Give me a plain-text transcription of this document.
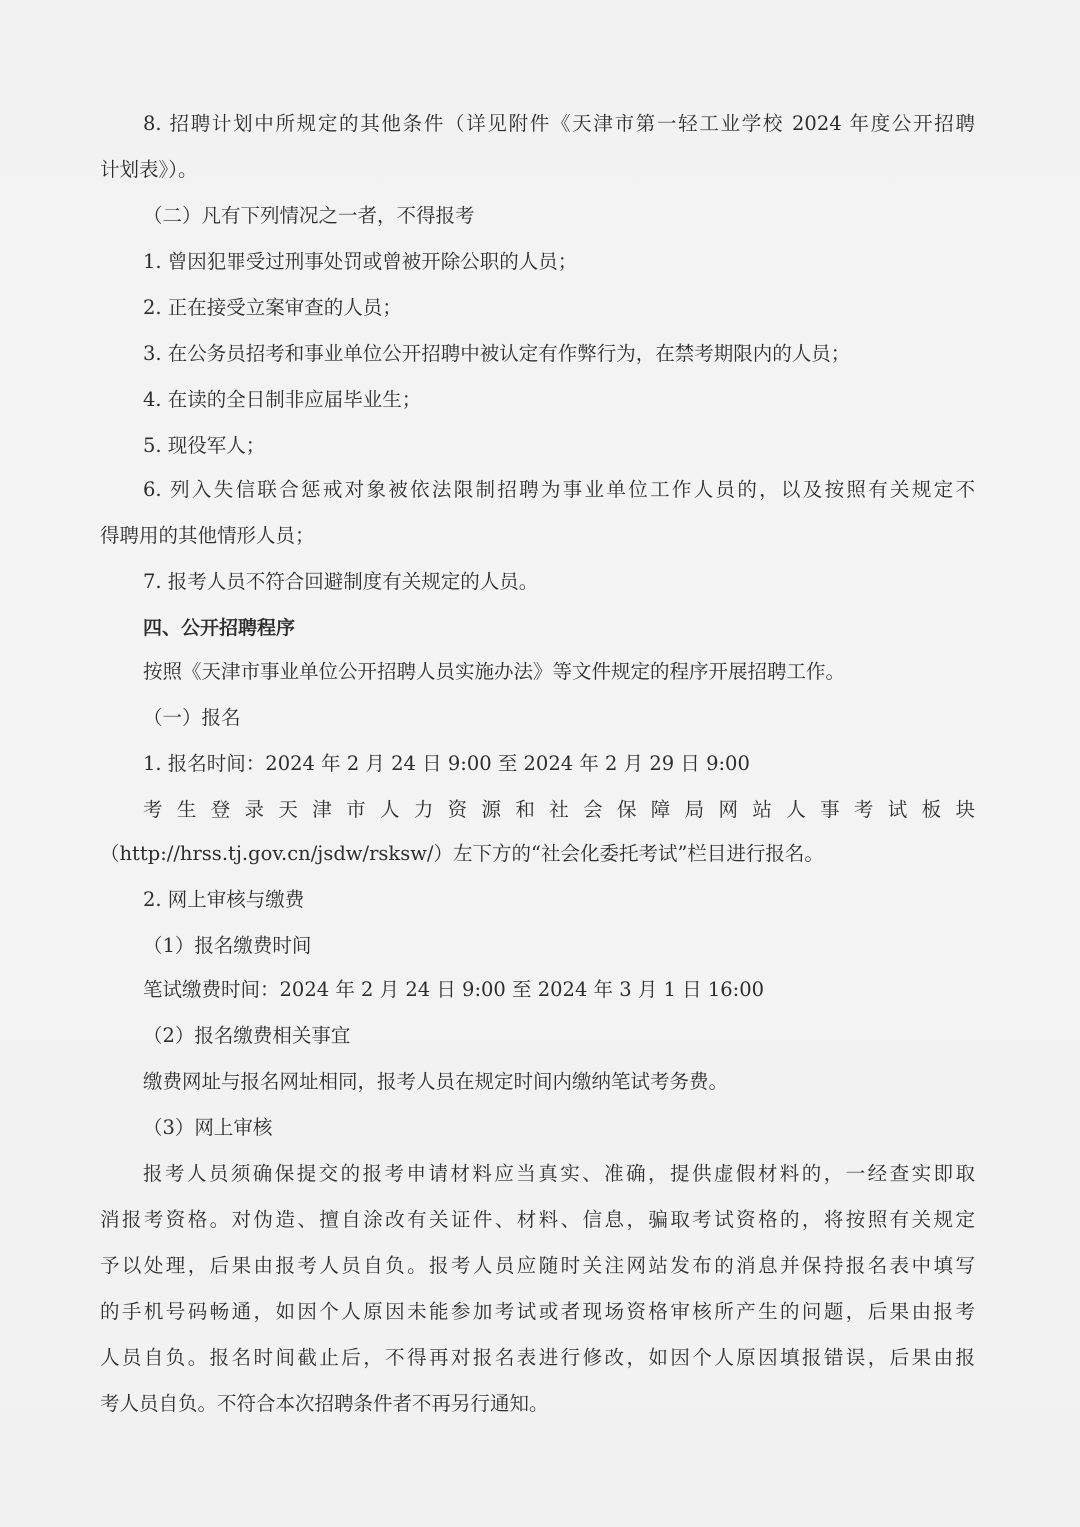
8. 招聘计划中所规定的其他条件（详见附件《天津市第一轻工业学校 2024 年度公开招聘
计划表》）。
（二）凡有下列情况之一者，不得报考
1. 曾因犯罪受过刑事处罚或曾被开除公职的人员；
2. 正在接受立案审查的人员；
3. 在公务员招考和事业单位公开招聘中被认定有作弊行为，在禁考期限内的人员；
4. 在读的全日制非应届毕业生；
5. 现役军人；
6. 列入失信联合惩戒对象被依法限制招聘为事业单位工作人员的，以及按照有关规定不
得聘用的其他情形人员；
7. 报考人员不符合回避制度有关规定的人员。
四、公开招聘程序
按照《天津市事业单位公开招聘人员实施办法》等文件规定的程序开展招聘工作。
（一）报名
1. 报名时间：2024 年 2 月 24 日 9:00 至 2024 年 2 月 29 日 9:00
考生登录天津市人力资源和社会保障局网站人事考试板块
（http://hrss.tj.gov.cn/jsdw/rsksw/）左下方的“社会化委托考试”栏目进行报名。
2. 网上审核与缴费
（1）报名缴费时间
笔试缴费时间：2024 年 2 月 24 日 9:00 至 2024 年 3 月 1 日 16:00
（2）报名缴费相关事宜
缴费网址与报名网址相同，报考人员在规定时间内缴纳笔试考务费。
（3）网上审核
报考人员须确保提交的报考申请材料应当真实、准确，提供虚假材料的，一经查实即取
消报考资格。对伪造、擅自涂改有关证件、材料、信息，骗取考试资格的，将按照有关规定
予以处理，后果由报考人员自负。报考人员应随时关注网站发布的消息并保持报名表中填写
的手机号码畅通，如因个人原因未能参加考试或者现场资格审核所产生的问题，后果由报考
人员自负。报名时间截止后，不得再对报名表进行修改，如因个人原因填报错误，后果由报
考人员自负。不符合本次招聘条件者不再另行通知。
